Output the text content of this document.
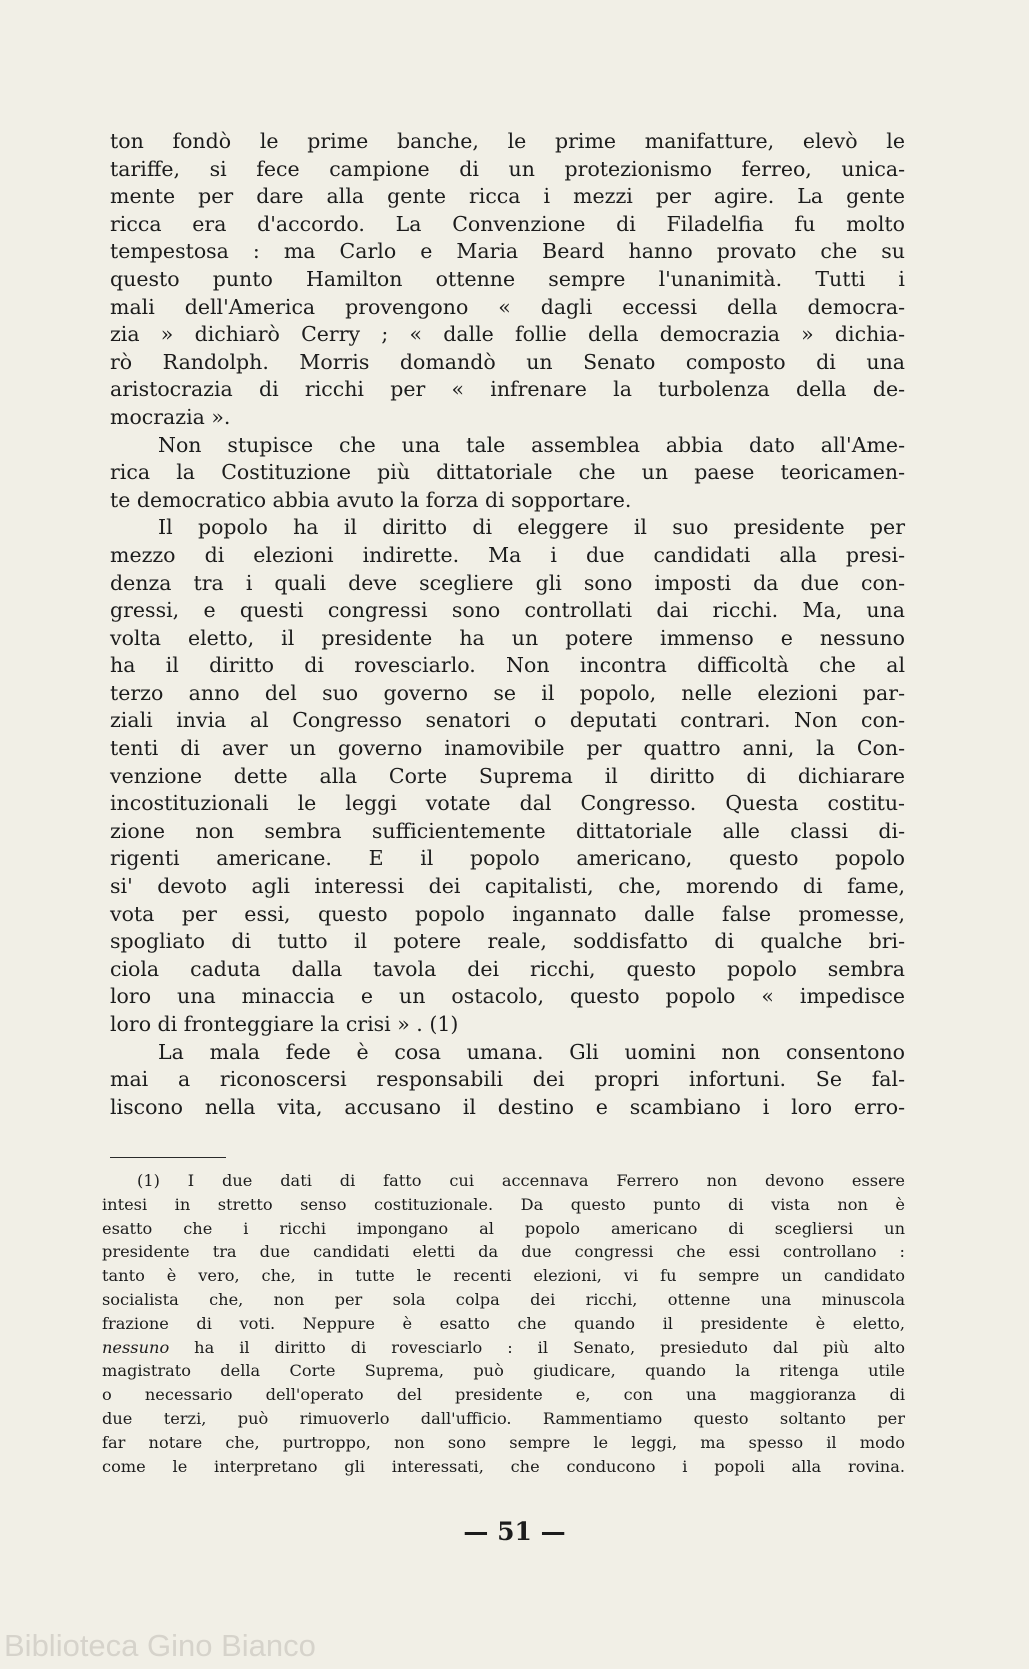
ton fondò le prime banche, le prime manifatture, elevò le
tariffe, si fece campione di un protezionismo ferreo, unica-
mente per dare alla gente ricca i mezzi per agire. La gente
ricca era d'accordo. La Convenzione di Filadelfia fu molto
tempestosa : ma Carlo e Maria Beard hanno provato che su
questo punto Hamilton ottenne sempre l'unanimità. Tutti i
mali dell'America provengono « dagli eccessi della democra-
zia » dichiarò Cerry ; « dalle follie della democrazia » dichia-
rò Randolph. Morris domandò un Senato composto di una
aristocrazia di ricchi per « infrenare la turbolenza della de-
mocrazia ».
Non stupisce che una tale assemblea abbia dato all'Ame-
rica la Costituzione più dittatoriale che un paese teoricamen-
te democratico abbia avuto la forza di sopportare.
Il popolo ha il diritto di eleggere il suo presidente per
mezzo di elezioni indirette. Ma i due candidati alla presi-
denza tra i quali deve scegliere gli sono imposti da due con-
gressi, e questi congressi sono controllati dai ricchi. Ma, una
volta eletto, il presidente ha un potere immenso e nessuno
ha il diritto di rovesciarlo. Non incontra difficoltà che al
terzo anno del suo governo se il popolo, nelle elezioni par-
ziali invia al Congresso senatori o deputati contrari. Non con-
tenti di aver un governo inamovibile per quattro anni, la Con-
venzione dette alla Corte Suprema il diritto di dichiarare
incostituzionali le leggi votate dal Congresso. Questa costitu-
zione non sembra sufficientemente dittatoriale alle classi di-
rigenti americane. E il popolo americano, questo popolo
si' devoto agli interessi dei capitalisti, che, morendo di fame,
vota per essi, questo popolo ingannato dalle false promesse,
spogliato di tutto il potere reale, soddisfatto di qualche bri-
ciola caduta dalla tavola dei ricchi, questo popolo sembra
loro una minaccia e un ostacolo, questo popolo « impedisce
loro di fronteggiare la crisi » . (1)
La mala fede è cosa umana. Gli uomini non consentono
mai a riconoscersi responsabili dei propri infortuni. Se fal-
liscono nella vita, accusano il destino e scambiano i loro erro-
(1) I due dati di fatto cui accennava Ferrero non devono essere
intesi in stretto senso costituzionale. Da questo punto di vista non è
esatto che i ricchi impongano al popolo americano di scegliersi un
presidente tra due candidati eletti da due congressi che essi controllano :
tanto è vero, che, in tutte le recenti elezioni, vi fu sempre un candidato
socialista che, non per sola colpa dei ricchi, ottenne una minuscola
frazione di voti. Neppure è esatto che quando il presidente è eletto,
nessuno ha il diritto di rovesciarlo : il Senato, presieduto dal più alto
magistrato della Corte Suprema, può giudicare, quando la ritenga utile
o necessario dell'operato del presidente e, con una maggioranza di
due terzi, può rimuoverlo dall'ufficio. Rammentiamo questo soltanto per
far notare che, purtroppo, non sono sempre le leggi, ma spesso il modo
come le interpretano gli interessati, che conducono i popoli alla rovina.
— 51 —
Biblioteca Gino Bianco
